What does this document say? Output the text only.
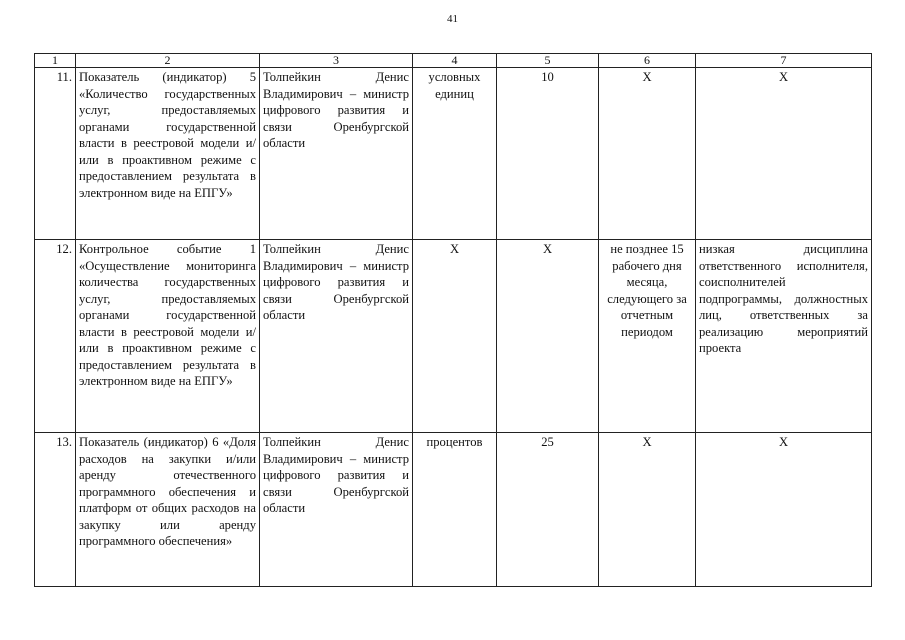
41
1	2	3	4	5	6	7
11.	Показатель (индикатор) 5 «Количество государственных услуг, предоставляемых органами государственной власти в реестровой модели и/или в проактивном режиме с предоставлением результата в электронном виде на ЕПГУ»	Толпейкин Денис Владимирович – министр цифрового развития и связи Оренбургской области	условных единиц	10	Х	Х
12.	Контрольное событие 1 «Осуществление мониторинга количества государственных услуг, предоставляемых органами государственной власти в реестровой модели и/или в проактивном режиме с предоставлением результата в электронном виде на ЕПГУ»	Толпейкин Денис Владимирович – министр цифрового развития и связи Оренбургской области	Х	Х	не позднее 15 рабочего дня месяца, следующего за отчетным периодом	низкая дисциплина ответственного исполнителя, соисполнителей подпрограммы, должностных лиц, ответственных за реализацию мероприятий проекта
13.	Показатель (индикатор) 6 «Доля расходов на закупки и/или аренду отечественного программного обеспечения и платформ от общих расходов на закупку или аренду программного обеспечения»	Толпейкин Денис Владимирович – министр цифрового развития и связи Оренбургской области	процентов	25	Х	Х
